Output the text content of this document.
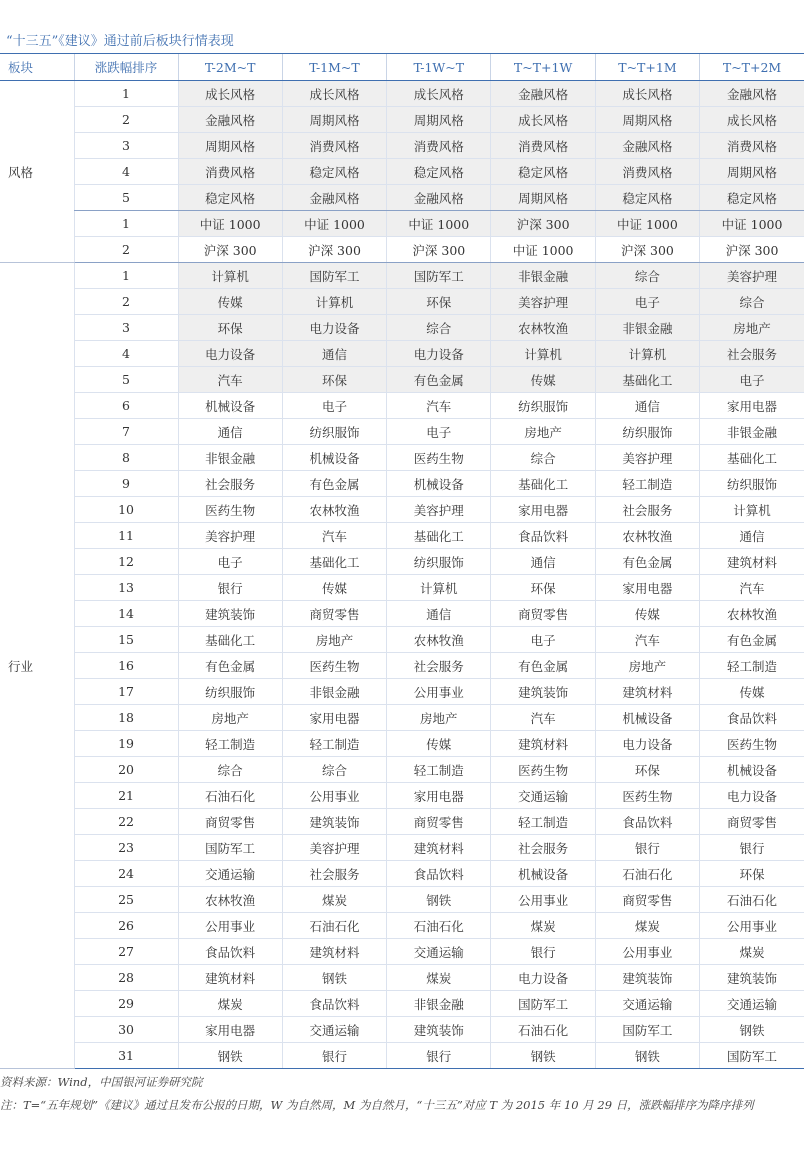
“十三五”《建议》通过前后板块行情表现
板块	涨跌幅排序	T-2M~T	T-1M~T	T-1W~T	T~T+1W	T~T+1M	T~T+2M
风格	1	成长风格	成长风格	成长风格	金融风格	成长风格	金融风格
	2	金融风格	周期风格	周期风格	成长风格	周期风格	成长风格
	3	周期风格	消费风格	消费风格	消费风格	金融风格	消费风格
	4	消费风格	稳定风格	稳定风格	稳定风格	消费风格	周期风格
	5	稳定风格	金融风格	金融风格	周期风格	稳定风格	稳定风格
	1	中证 1000	中证 1000	中证 1000	沪深 300	中证 1000	中证 1000
	2	沪深 300	沪深 300	沪深 300	中证 1000	沪深 300	沪深 300
行业	1	计算机	国防军工	国防军工	非银金融	综合	美容护理
	2	传媒	计算机	环保	美容护理	电子	综合
	3	环保	电力设备	综合	农林牧渔	非银金融	房地产
	4	电力设备	通信	电力设备	计算机	计算机	社会服务
	5	汽车	环保	有色金属	传媒	基础化工	电子
	6	机械设备	电子	汽车	纺织服饰	通信	家用电器
	7	通信	纺织服饰	电子	房地产	纺织服饰	非银金融
	8	非银金融	机械设备	医药生物	综合	美容护理	基础化工
	9	社会服务	有色金属	机械设备	基础化工	轻工制造	纺织服饰
	10	医药生物	农林牧渔	美容护理	家用电器	社会服务	计算机
	11	美容护理	汽车	基础化工	食品饮料	农林牧渔	通信
	12	电子	基础化工	纺织服饰	通信	有色金属	建筑材料
	13	银行	传媒	计算机	环保	家用电器	汽车
	14	建筑装饰	商贸零售	通信	商贸零售	传媒	农林牧渔
	15	基础化工	房地产	农林牧渔	电子	汽车	有色金属
	16	有色金属	医药生物	社会服务	有色金属	房地产	轻工制造
	17	纺织服饰	非银金融	公用事业	建筑装饰	建筑材料	传媒
	18	房地产	家用电器	房地产	汽车	机械设备	食品饮料
	19	轻工制造	轻工制造	传媒	建筑材料	电力设备	医药生物
	20	综合	综合	轻工制造	医药生物	环保	机械设备
	21	石油石化	公用事业	家用电器	交通运输	医药生物	电力设备
	22	商贸零售	建筑装饰	商贸零售	轻工制造	食品饮料	商贸零售
	23	国防军工	美容护理	建筑材料	社会服务	银行	银行
	24	交通运输	社会服务	食品饮料	机械设备	石油石化	环保
	25	农林牧渔	煤炭	钢铁	公用事业	商贸零售	石油石化
	26	公用事业	石油石化	石油石化	煤炭	煤炭	公用事业
	27	食品饮料	建筑材料	交通运输	银行	公用事业	煤炭
	28	建筑材料	钢铁	煤炭	电力设备	建筑装饰	建筑装饰
	29	煤炭	食品饮料	非银金融	国防军工	交通运输	交通运输
	30	家用电器	交通运输	建筑装饰	石油石化	国防军工	钢铁
	31	钢铁	银行	银行	钢铁	钢铁	国防军工
资料来源：Wind，中国银河证券研究院
注：T=“五年规划”《建议》通过且发布公报的日期，W 为自然周，M 为自然月，“十三五”对应 T 为 2015 年 10 月 29 日，涨跌幅排序为降序排列
